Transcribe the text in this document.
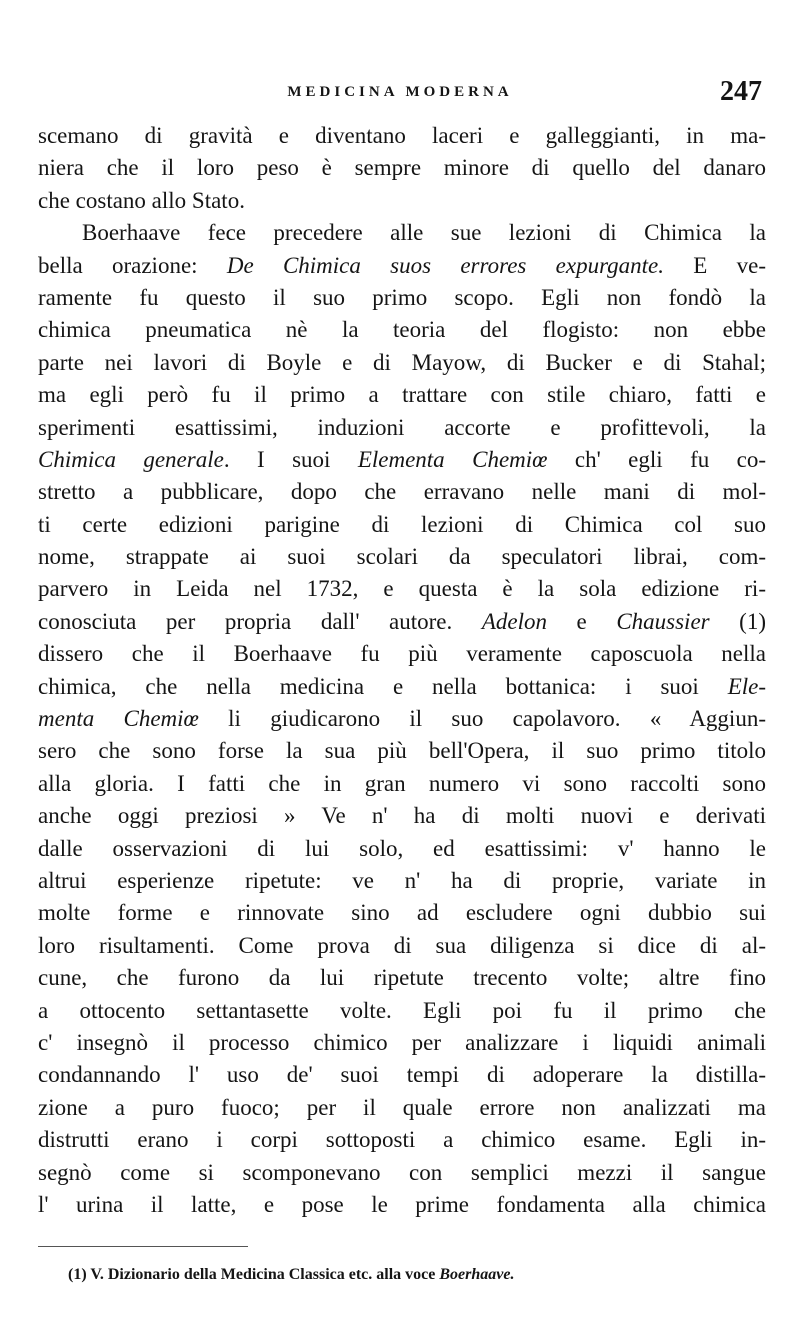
MEDICINA MODERNA	247
scemano di gravità e diventano laceri e galleggianti, in ma-
niera che il loro peso è sempre minore di quello del danaro
che costano allo Stato.
Boerhaave fece precedere alle sue lezioni di Chimica la
bella orazione: De Chimica suos errores expurgante. E ve-
ramente fu questo il suo primo scopo. Egli non fondò la
chimica pneumatica nè la teoria del flogisto: non ebbe
parte nei lavori di Boyle e di Mayow, di Bucker e di Stahal;
ma egli però fu il primo a trattare con stile chiaro, fatti e
sperimenti esattissimi, induzioni accorte e profittevoli, la
Chimica generale. I suoi Elementa Chemiœ ch' egli fu co-
stretto a pubblicare, dopo che erravano nelle mani di mol-
ti certe edizioni parigine di lezioni di Chimica col suo
nome, strappate ai suoi scolari da speculatori librai, com-
parvero in Leida nel 1732, e questa è la sola edizione ri-
conosciuta per propria dall' autore. Adelon e Chaussier (1)
dissero che il Boerhaave fu più veramente caposcuola nella
chimica, che nella medicina e nella bottanica: i suoi Ele-
menta Chemiœ li giudicarono il suo capolavoro. « Aggiun-
sero che sono forse la sua più bell'Opera, il suo primo titolo
alla gloria. I fatti che in gran numero vi sono raccolti sono
anche oggi preziosi » Ve n' ha di molti nuovi e derivati
dalle osservazioni di lui solo, ed esattissimi: v' hanno le
altrui esperienze ripetute: ve n' ha di proprie, variate in
molte forme e rinnovate sino ad escludere ogni dubbio sui
loro risultamenti. Come prova di sua diligenza si dice di al-
cune, che furono da lui ripetute trecento volte; altre fino
a ottocento settantasette volte. Egli poi fu il primo che
c' insegnò il processo chimico per analizzare i liquidi animali
condannando l' uso de' suoi tempi di adoperare la distilla-
zione a puro fuoco; per il quale errore non analizzati ma
distrutti erano i corpi sottoposti a chimico esame. Egli in-
segnò come si scomponevano con semplici mezzi il sangue
l' urina il latte, e pose le prime fondamenta alla chimica
(1) V. Dizionario della Medicina Classica etc. alla voce Boerhaave.
